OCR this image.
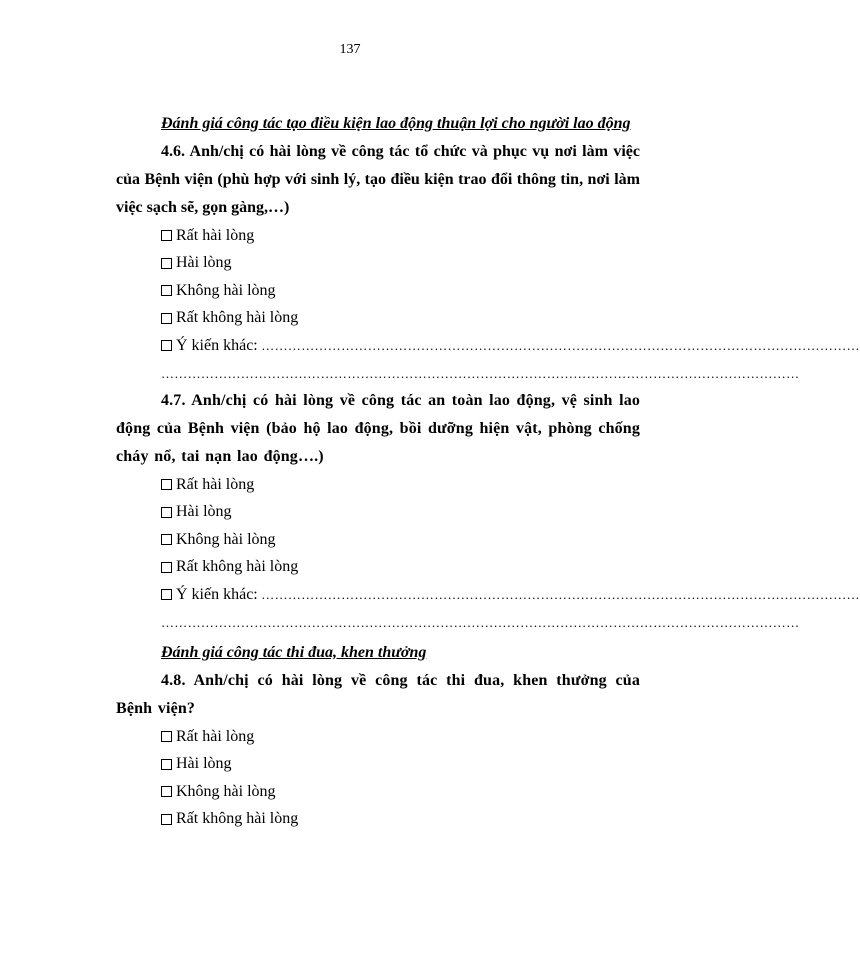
137
Đánh giá công tác tạo điều kiện lao động thuận lợi cho người lao động
4.6. Anh/chị có hài lòng về công tác tổ chức và phục vụ nơi làm việc của Bệnh viện (phù hợp với sinh lý, tạo điều kiện trao đổi thông tin, nơi làm việc sạch sẽ, gọn gàng,…)
Rất hài lòng
Hài lòng
Không hài lòng
Rất không hài lòng
Ý kiến khác: ………………………………………………………………………………………………………………………
………………………………………………………………………………………………………………………………
4.7. Anh/chị có hài lòng về công tác an toàn lao động, vệ sinh lao động của Bệnh viện (bảo hộ lao động, bồi dưỡng hiện vật, phòng chống cháy nổ, tai nạn lao động….)
Rất hài lòng
Hài lòng
Không hài lòng
Rất không hài lòng
Ý kiến khác: ………………………………………………………………………………………………………………………
………………………………………………………………………………………………………………………………
Đánh giá công tác thi đua, khen thưởng
4.8. Anh/chị có hài lòng về công tác thi đua, khen thưởng của Bệnh viện?
Rất hài lòng
Hài lòng
Không hài lòng
Rất không hài lòng
